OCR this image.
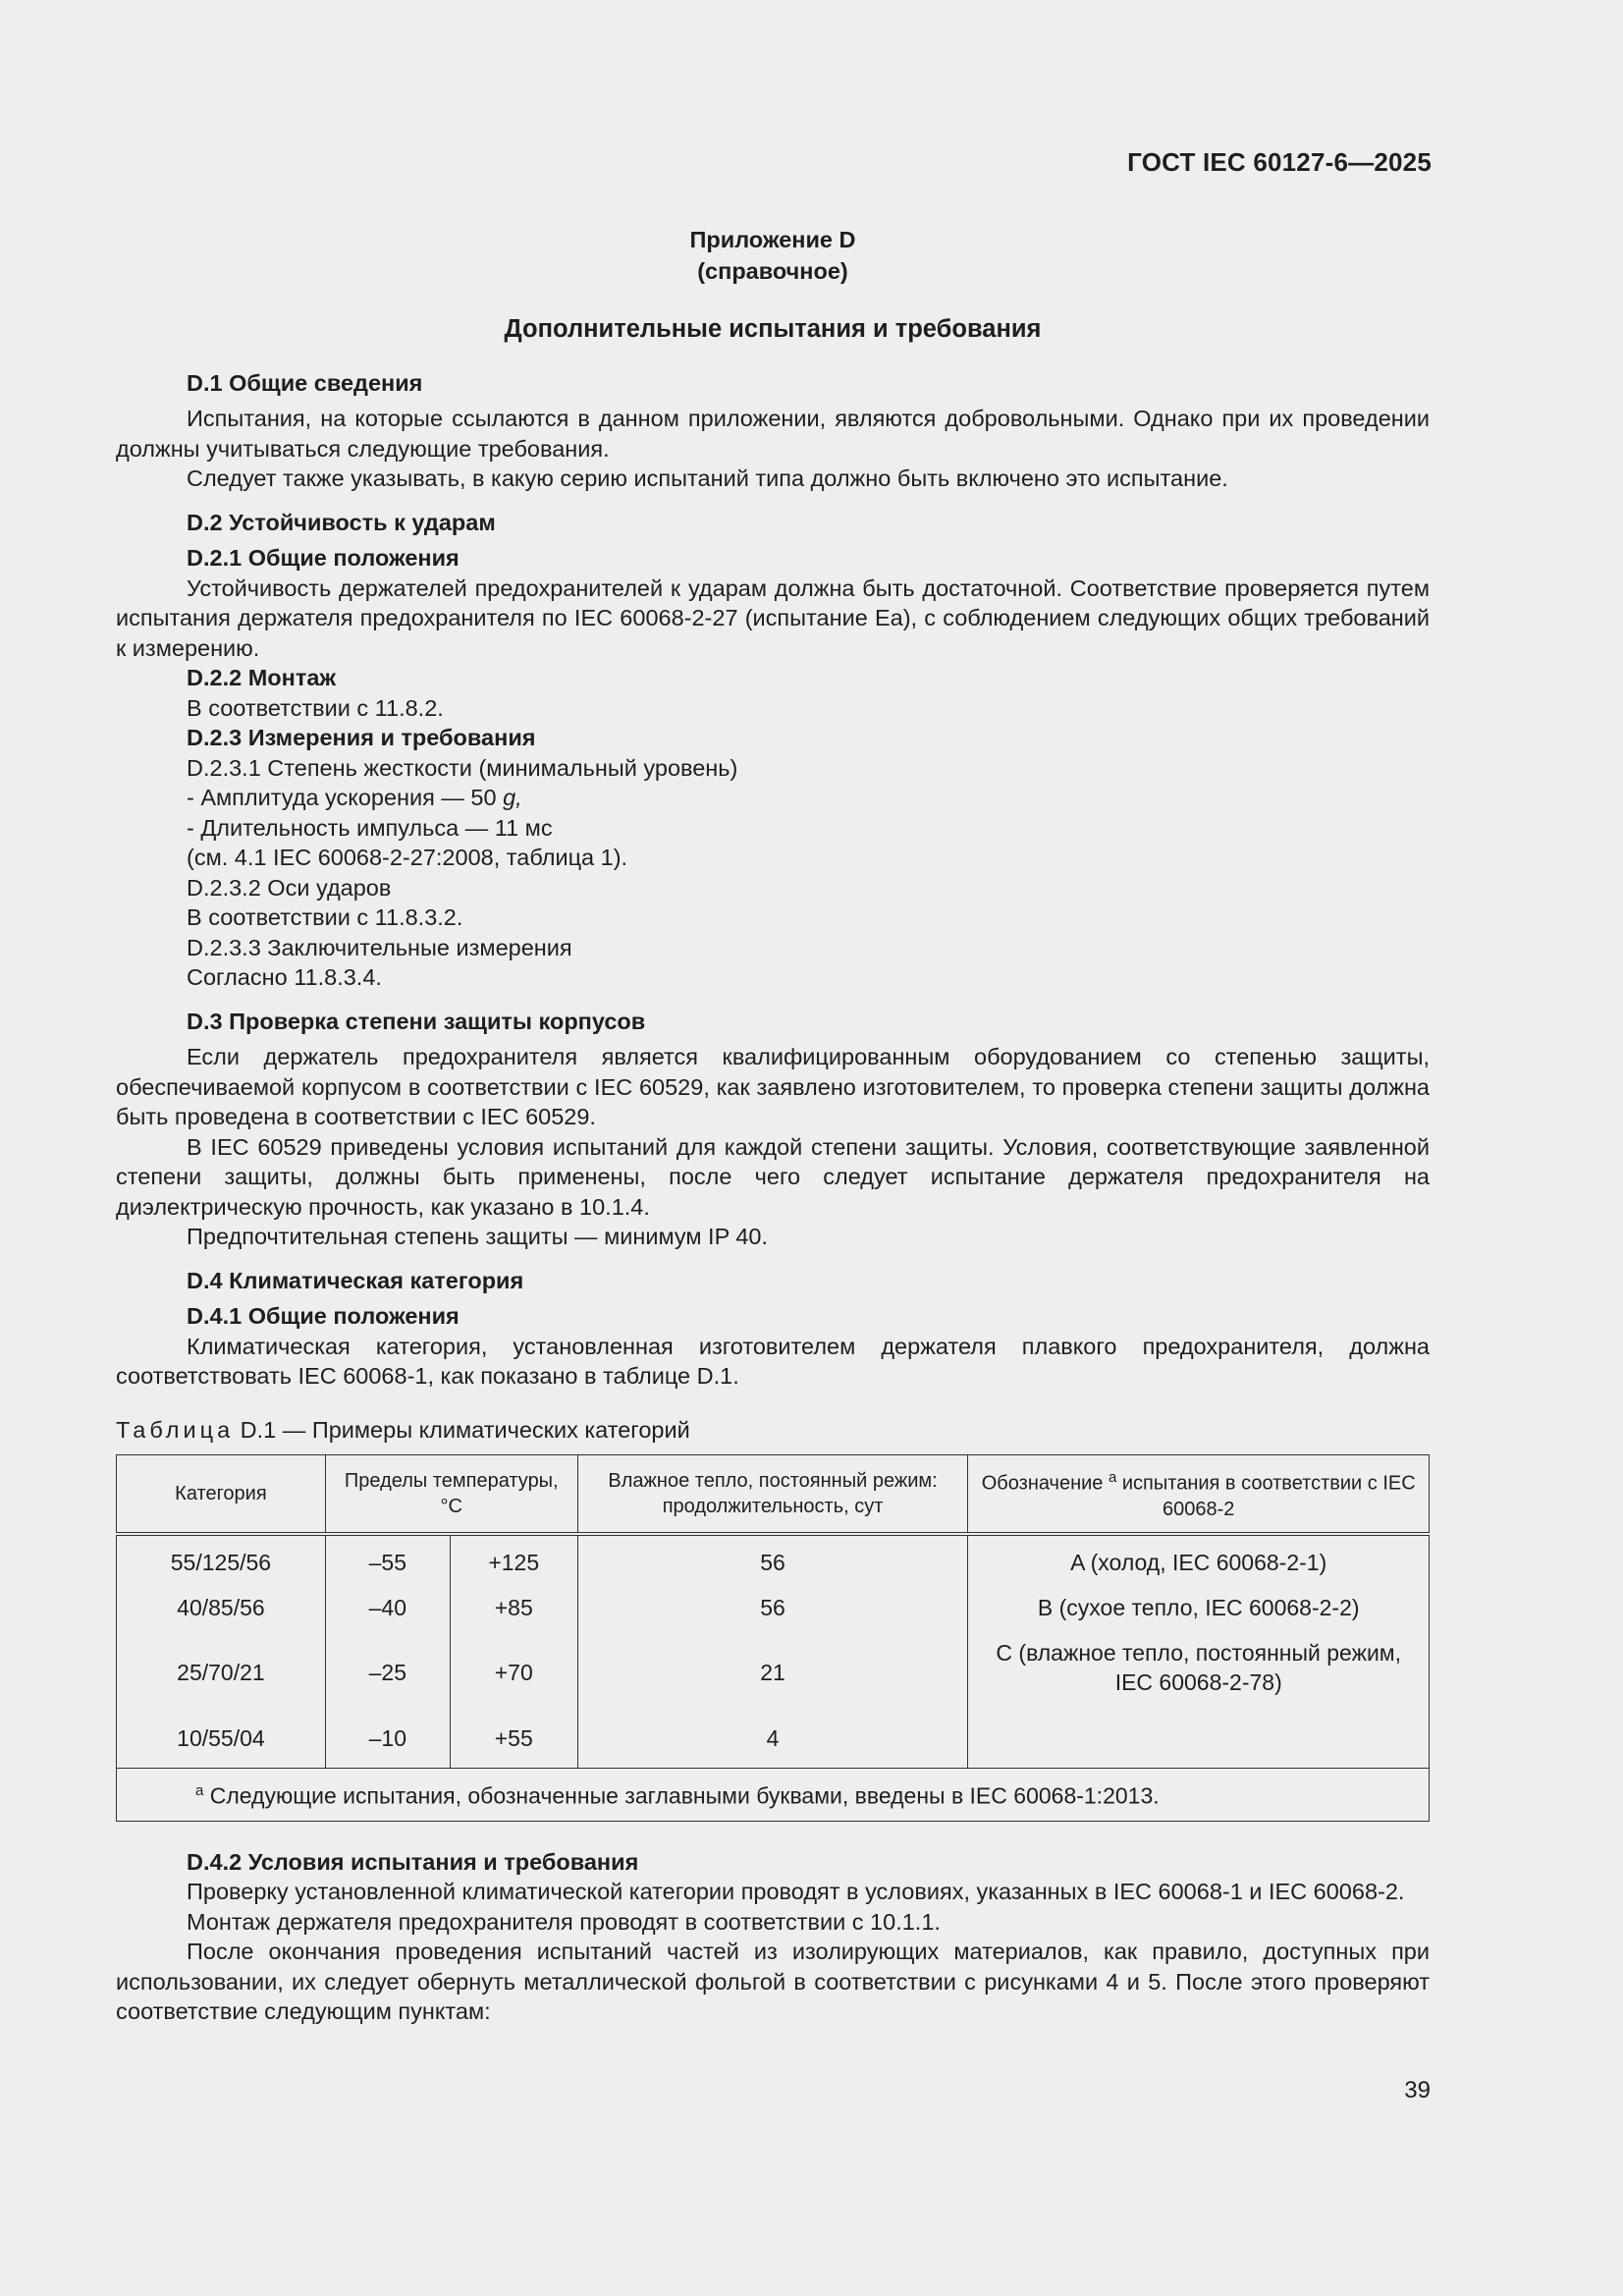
ГОСТ IEC 60127-6—2025
Приложение D
(справочное)
Дополнительные испытания и требования

D.1 Общие сведения

Испытания, на которые ссылаются в данном приложении, являются добровольными. Однако при их проведении должны учитываться следующие требования.

Следует также указывать, в какую серию испытаний типа должно быть включено это испытание.

D.2 Устойчивость к ударам

D.2.1 Общие положения

Устойчивость держателей предохранителей к ударам должна быть достаточной. Соответствие проверяется путем испытания держателя предохранителя по IEC 60068-2-27 (испытание Ea), с соблюдением следующих общих требований к измерению.

D.2.2 Монтаж

В соответствии с 11.8.2.

D.2.3 Измерения и требования

D.2.3.1 Степень жесткости (минимальный уровень)

- Амплитуда ускорения — 50 g,

- Длительность импульса — 11 мс

(см. 4.1 IEC 60068-2-27:2008, таблица 1).

D.2.3.2 Оси ударов

В соответствии с 11.8.3.2.

D.2.3.3 Заключительные измерения

Согласно 11.8.3.4.

D.3 Проверка степени защиты корпусов

Если держатель предохранителя является квалифицированным оборудованием со степенью защиты, обеспечиваемой корпусом в соответствии с IEC 60529, как заявлено изготовителем, то проверка степени защиты должна быть проведена в соответствии с IEC 60529.

В IEC 60529 приведены условия испытаний для каждой степени защиты. Условия, соответствующие заявленной степени защиты, должны быть применены, после чего следует испытание держателя предохранителя на диэлектрическую прочность, как указано в 10.1.4.

Предпочтительная степень защиты — минимум IP 40.

D.4 Климатическая категория

D.4.1 Общие положения

Климатическая категория, установленная изготовителем держателя плавкого предохранителя, должна соответствовать IEC 60068-1, как показано в таблице D.1.

Таблица D.1 — Примеры климатических категорий
Категория	Пределы температуры, °С		Влажное тепло, постоянный режим: продолжительность, сут	Обозначение $^a$ испытания в соответствии с IEC 60068-2
55/125/56	–55	+125	56	A (холод, IEC 60068-2-1)
40/85/56	–40	+85	56	B (сухое тепло, IEC 60068-2-2)
25/70/21	–25	+70	21	C (влажное тепло, постоянный режим, IEC 60068-2-78)
10/55/04	–10	+55	4	
$^a$ Следующие испытания, обозначенные заглавными буквами, введены в IEC 60068-1:2013.				

D.4.2 Условия испытания и требования

Проверку установленной климатической категории проводят в условиях, указанных в IEC 60068-1 и IEC 60068-2.

Монтаж держателя предохранителя проводят в соответствии с 10.1.1.

После окончания проведения испытаний частей из изолирующих материалов, как правило, доступных при использовании, их следует обернуть металлической фольгой в соответствии с рисунками 4 и 5. После этого проверяют соответствие следующим пунктам:

39
